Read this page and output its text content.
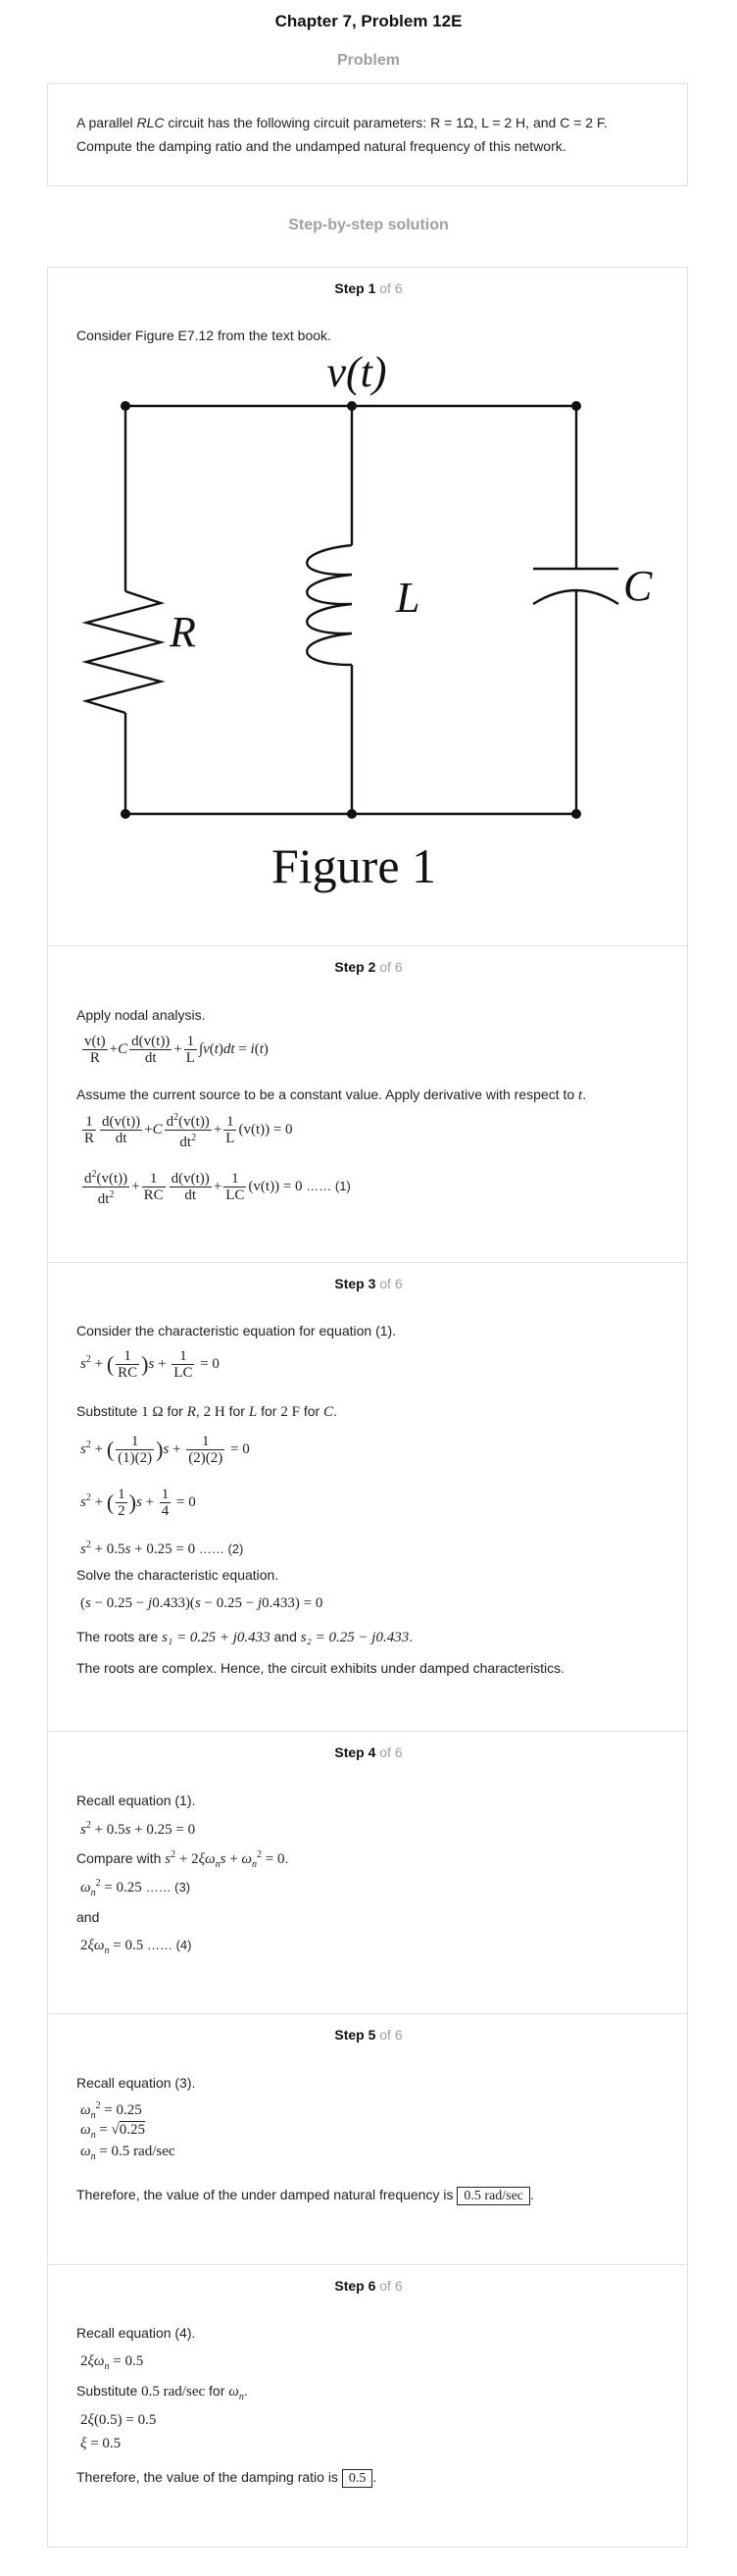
Chapter 7, Problem 12E
Problem
A parallel RLC circuit has the following circuit parameters: R = 1Ω, L = 2 H, and C = 2 F.
Compute the damping ratio and the undamped natural frequency of this network.
Step-by-step solution
Step 1 of 6
Consider Figure E7.12 from the text book.
v(t)
R
L	C
Figure 1
Step 2 of 6
Apply nodal analysis.
$\frac{v(t)}{R} +C \frac{d(v(t))}{dt} + \frac{1}{L} \int v(t)dt = i(t)$
Assume the current source to be a constant value. Apply derivative with respect to t.
$\frac{1}{R} \frac{d(v(t))}{dt} +C \frac{d^2(v(t))}{dt^2} + \frac{1}{L} (v(t)) = 0$
$\frac{d^2(v(t))}{dt^2} + \frac{1}{RC} \frac{d(v(t))}{dt} + \frac{1}{LC} (v(t)) = 0$ …… (1)
Step 3 of 6
Consider the characteristic equation for equation (1).
$s^2$ + ( $\frac{1}{RC} )s + \frac{1}{LC} = 0$
Substitute 1 Ω for R, 2 H for L for 2 F for C.
$s^2$ + ( $\frac{1}{(1)(2)} )s + \frac{1}{(2)(2)} = 0$
$s^2$ + ( $\frac{1}{2} )s + \frac{1}{4} = 0$
$s^2 + 0.5s + 0.25 = 0$ …… (2)
Solve the characteristic equation.
(s − 0.25 − j0.433)(s − 0.25 − j0.433) = 0
The roots are s₁ = 0.25 + j0.433 and s₂ = 0.25 − j0.433.
The roots are complex. Hence, the circuit exhibits under damped characteristics.
Step 4 of 6
Recall equation (1).
$s^2 + 0.5s + 0.25 = 0$
Compare with $s^2 + 2\xi\omega_ns + \omega_n^2 = 0$.
$\omega_n^2 = 0.25$ …… (3)
and
$2\xi\omega_n = 0.5$ …… (4)
Step 5 of 6
Recall equation (3).
$\omega_n^2 = 0.25$
$\omega_n = √0.25$
$\omega_n = 0.5$ rad/sec
Therefore, the value of the under damped natural frequency is 0.5 rad/sec .
Step 6 of 6
Recall equation (4).
$2\xi\omega_n = 0.5$
Substitute 0.5 rad/sec for $\omega_n$.
2ξ(0.5) = 0.5
ξ = 0.5
Therefore, the value of the damping ratio is 0.5 .
